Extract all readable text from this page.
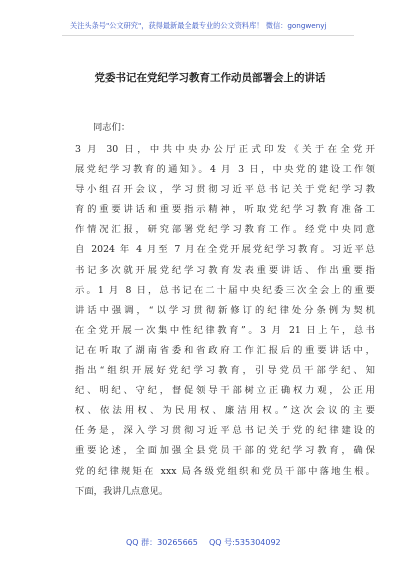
关注头条号"公文研究"，获得最新最全最专业的公文资料库！ 微信：gongwenyj
党委书记在党纪学习教育工作动员部署会上的讲话
同志们：
3 月 30 日，中共中央办公厅正式印发《关于在全党开
展党纪学习教育的通知》。4 月 3 日，中央党的建设工作领
导小组召开会议，学习贯彻习近平总书记关于党纪学习教
育的重要讲话和重要指示精神，听取党纪学习教育准备工
作情况汇报，研究部署党纪学习教育工作。经党中央同意
自 2024 年 4 月至 7 月在全党开展党纪学习教育。习近平总
书记多次就开展党纪学习教育发表重要讲话、作出重要指
示。1 月 8 日，总书记在二十届中央纪委三次全会上的重要
讲话中强调，“以学习贯彻新修订的纪律处分条例为契机
在全党开展一次集中性纪律教育”。3 月 21 日上午，总书
记在听取了湖南省委和省政府工作汇报后的重要讲话中，
指出“组织开展好党纪学习教育，引导党员干部学纪、知
纪、明纪、守纪，督促领导干部树立正确权力观，公正用
权、依法用权、为民用权、廉洁用权。”这次会议的主要
任务是，深入学习贯彻习近平总书记关于党的纪律建设的
重要论述，全面加强全县党员干部的党纪学习教育，确保
党的纪律规矩在 xxx 局各级党组织和党员干部中落地生根。
下面，我讲几点意见。
QQ 群：30265665 QQ 号:535304092
